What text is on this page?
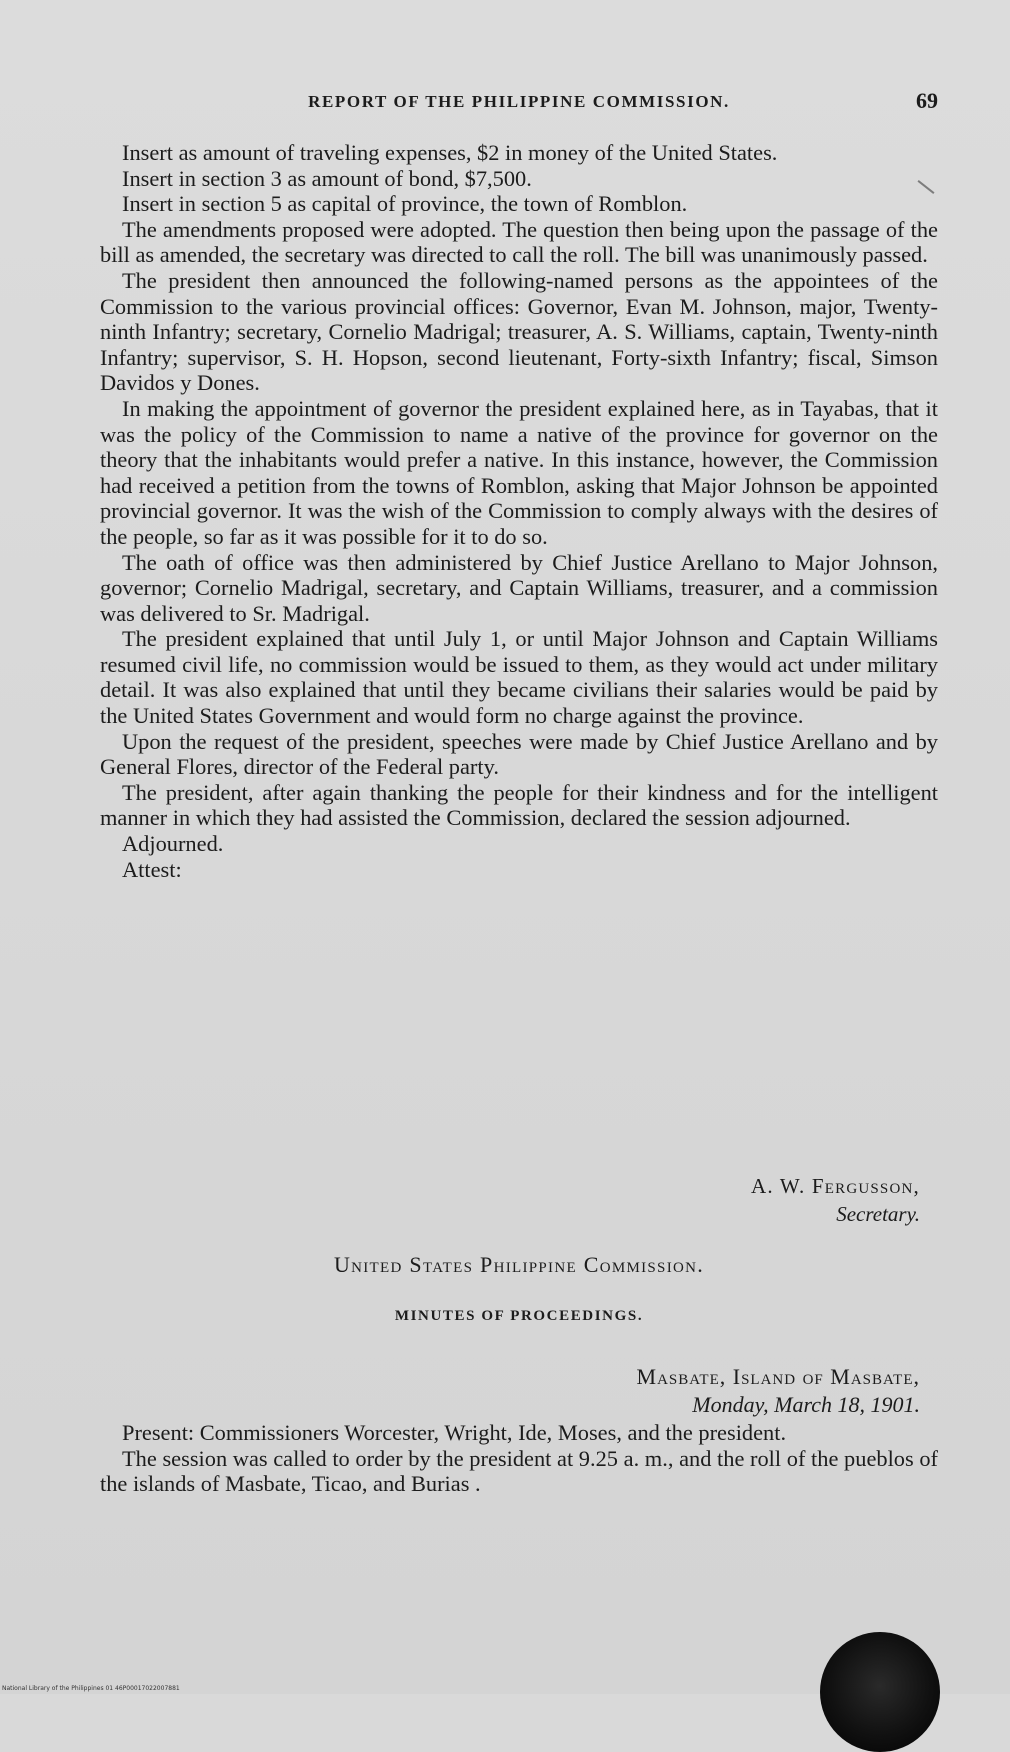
REPORT OF THE PHILIPPINE COMMISSION.	69

Insert as amount of traveling expenses, $2 in money of the United States.

Insert in section 3 as amount of bond, $7,500.

Insert in section 5 as capital of province, the town of Romblon.

The amendments proposed were adopted. The question then being upon the passage of the bill as amended, the secretary was directed to call the roll. The bill was unanimously passed.

The president then announced the following-named persons as the appointees of the Commission to the various provincial offices: Governor, Evan M. Johnson, major, Twenty-ninth Infantry; secretary, Cornelio Madrigal; treasurer, A. S. Williams, captain, Twenty-ninth Infantry; supervisor, S. H. Hopson, second lieutenant, Forty-sixth Infantry; fiscal, Simson Davidos y Dones.

In making the appointment of governor the president explained here, as in Tayabas, that it was the policy of the Commission to name a native of the province for governor on the theory that the inhabitants would prefer a native. In this instance, however, the Commission had received a petition from the towns of Romblon, asking that Major Johnson be appointed provincial governor. It was the wish of the Commission to comply always with the desires of the people, so far as it was possible for it to do so.

The oath of office was then administered by Chief Justice Arellano to Major Johnson, governor; Cornelio Madrigal, secretary, and Captain Williams, treasurer, and a commission was delivered to Sr. Madrigal.

The president explained that until July 1, or until Major Johnson and Captain Williams resumed civil life, no commission would be issued to them, as they would act under military detail. It was also explained that until they became civilians their salaries would be paid by the United States Government and would form no charge against the province.

Upon the request of the president, speeches were made by Chief Justice Arellano and by General Flores, director of the Federal party.

The president, after again thanking the people for their kindness and for the intelligent manner in which they had assisted the Commission, declared the session adjourned.

Adjourned.
Attest:
A. W. Fergusson,
Secretary.
United States Philippine Commission.
MINUTES OF PROCEEDINGS.
Masbate, Island of Masbate,
Monday, March 18, 1901.

Present: Commissioners Worcester, Wright, Ide, Moses, and the president.

The session was called to order by the president at 9.25 a. m., and the roll of the pueblos of the islands of Masbate, Ticao, and Burias .

National Library of the Philippines 01 46P00017022007881
